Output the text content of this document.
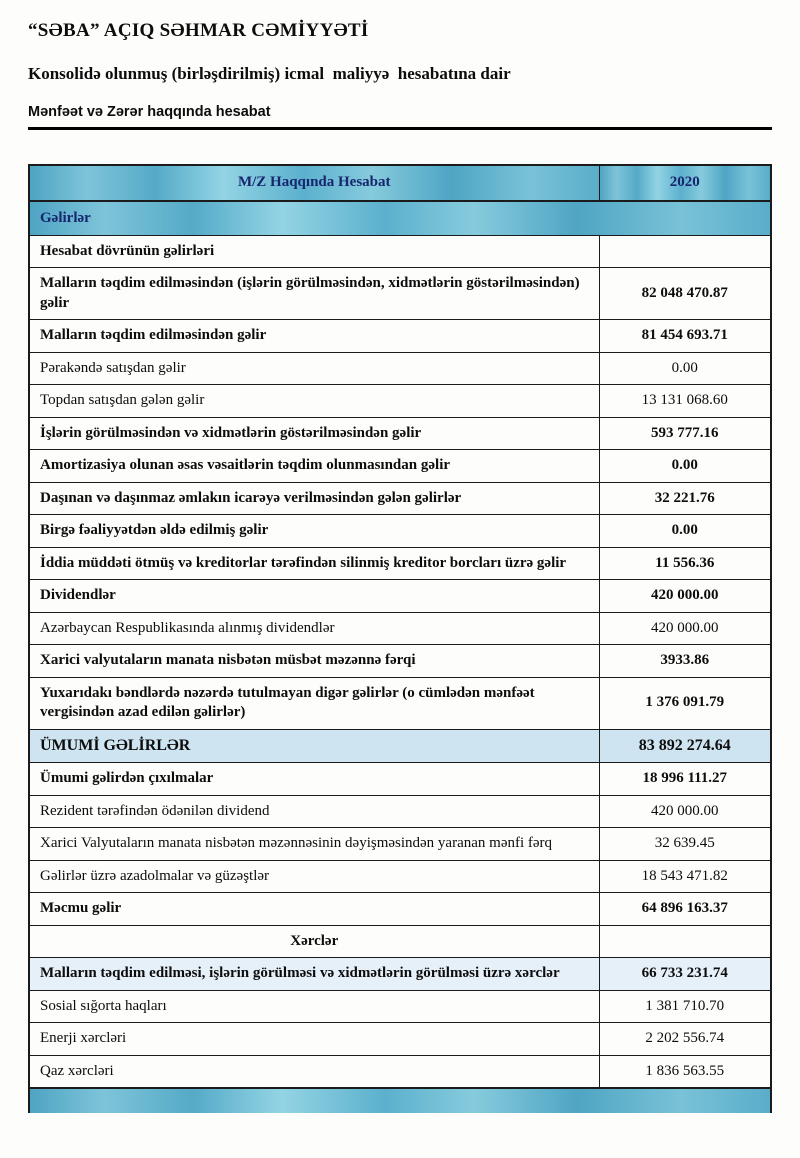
“SƏBA” AÇIQ SƏHMAR CƏMİYYƏTİ
Konsolidə olunmuş (birləşdirilmiş) icmal  maliyyə  hesabatına dair
Mənfəət və Zərər haqqında hesabat
M/Z Haqqında Hesabat	2020
Gəlirlər	
Hesabat dövrünün gəlirləri	
Malların təqdim edilməsindən (işlərin görülməsindən, xidmətlərin göstərilməsindən) gəlir	82 048 470.87
Malların təqdim edilməsindən gəlir	81 454 693.71
Pərakəndə satışdan gəlir	0.00
Topdan satışdan gələn gəlir	13 131 068.60
İşlərin görülməsindən və xidmətlərin göstərilməsindən gəlir	593 777.16
Amortizasiya olunan əsas vəsaitlərin təqdim olunmasından gəlir	0.00
Daşınan və daşınmaz əmlakın icarəyə verilməsindən gələn gəlirlər	32 221.76
Birgə fəaliyyətdən əldə edilmiş gəlir	0.00
İddia müddəti ötmüş və kreditorlar tərəfindən silinmiş kreditor borcları üzrə gəlir	11 556.36
Dividendlər	420 000.00
Azərbaycan Respublikasında alınmış dividendlər	420 000.00
Xarici valyutaların manata nisbətən müsbət məzənnə fərqi	3933.86
Yuxarıdakı bəndlərdə nəzərdə tutulmayan digər gəlirlər (o cümlədən mənfəət vergisindən azad edilən gəlirlər)	1 376 091.79
ÜMUMİ GƏLİRLƏR	83 892 274.64
Ümumi gəlirdən çıxılmalar	18 996 111.27
Rezident tərəfindən ödənilən dividend	420 000.00
Xarici Valyutaların manata nisbətən məzənnəsinin dəyişməsindən yaranan mənfi fərq	32 639.45
Gəlirlər üzrə azadolmalar və güzəştlər	18 543 471.82
Məcmu gəlir	64 896 163.37
Xərclər	
Malların təqdim edilməsi, işlərin görülməsi və xidmətlərin görülməsi üzrə xərclər	66 733 231.74
Sosial sığorta haqları	1 381 710.70
Enerji xərcləri	2 202 556.74
Qaz xərcləri	1 836 563.55
